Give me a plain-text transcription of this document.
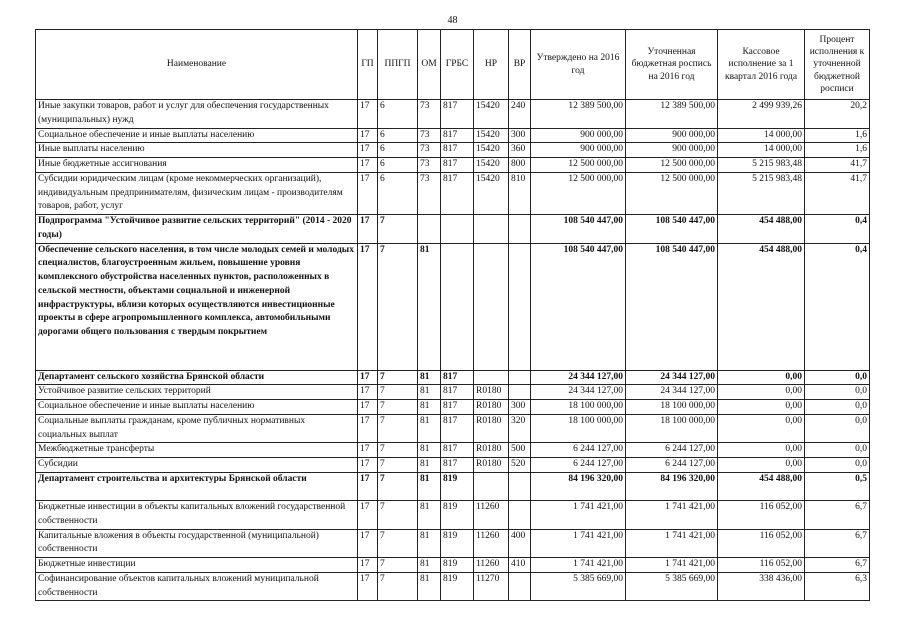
48
Наименование	ГП	ППГП	ОМ	ГРБС	НР	ВР	Утверждено на 2016 год	Уточненная бюджетная роспись на 2016 год	Кассовое исполнение за 1 квартал 2016 года	Процент исполнения к уточненной бюджетной росписи
Иные закупки товаров, работ и услуг для обеспечения государственных (муниципальных) нужд	17	6	73	817	15420	240	12 389 500,00	12 389 500,00	2 499 939,26	20,2
Социальное обеспечение и иные выплаты населению	17	6	73	817	15420	300	900 000,00	900 000,00	14 000,00	1,6
Иные выплаты населению	17	6	73	817	15420	360	900 000,00	900 000,00	14 000,00	1,6
Иные бюджетные ассигнования	17	6	73	817	15420	800	12 500 000,00	12 500 000,00	5 215 983,48	41,7
Субсидии юридическим лицам (кроме некоммерческих организаций), индивидуальным предпринимателям, физическим лицам - производителям товаров, работ, услуг	17	6	73	817	15420	810	12 500 000,00	12 500 000,00	5 215 983,48	41,7
Подпрограмма "Устойчивое развитие сельских территорий" (2014 - 2020 годы)	17	7					108 540 447,00	108 540 447,00	454 488,00	0,4
Обеспечение сельского населения, в том числе молодых семей и молодых специалистов, благоустроенным жильем, повышение уровня комплексного обустройства населенных пунктов, расположенных в сельской местности, объектами социальной и инженерной инфраструктуры, вблизи которых осуществляются инвестиционные проекты в сфере агропромышленного комплекса, автомобильными дорогами общего пользования с твердым покрытием	17	7	81				108 540 447,00	108 540 447,00	454 488,00	0,4
Департамент сельского хозяйства Брянской области	17	7	81	817			24 344 127,00	24 344 127,00	0,00	0,0
Устойчивое развитие сельских территорий	17	7	81	817	R0180		24 344 127,00	24 344 127,00	0,00	0,0
Социальное обеспечение и иные выплаты населению	17	7	81	817	R0180	300	18 100 000,00	18 100 000,00	0,00	0,0
Социальные выплаты гражданам, кроме публичных нормативных социальных выплат	17	7	81	817	R0180	320	18 100 000,00	18 100 000,00	0,00	0,0
Межбюджетные трансферты	17	7	81	817	R0180	500	6 244 127,00	6 244 127,00	0,00	0,0
Субсидии	17	7	81	817	R0180	520	6 244 127,00	6 244 127,00	0,00	0,0
Департамент строительства и архитектуры Брянской области	17	7	81	819			84 196 320,00	84 196 320,00	454 488,00	0,5
Бюджетные инвестиции в объекты капитальных вложений государственной собственности	17	7	81	819	11260		1 741 421,00	1 741 421,00	116 052,00	6,7
Капитальные вложения в объекты государственной (муниципальной) собственности	17	7	81	819	11260	400	1 741 421,00	1 741 421,00	116 052,00	6,7
Бюджетные инвестиции	17	7	81	819	11260	410	1 741 421,00	1 741 421,00	116 052,00	6,7
Софинансирование объектов капитальных вложений муниципальной собственности	17	7	81	819	11270		5 385 669,00	5 385 669,00	338 436,00	6,3
